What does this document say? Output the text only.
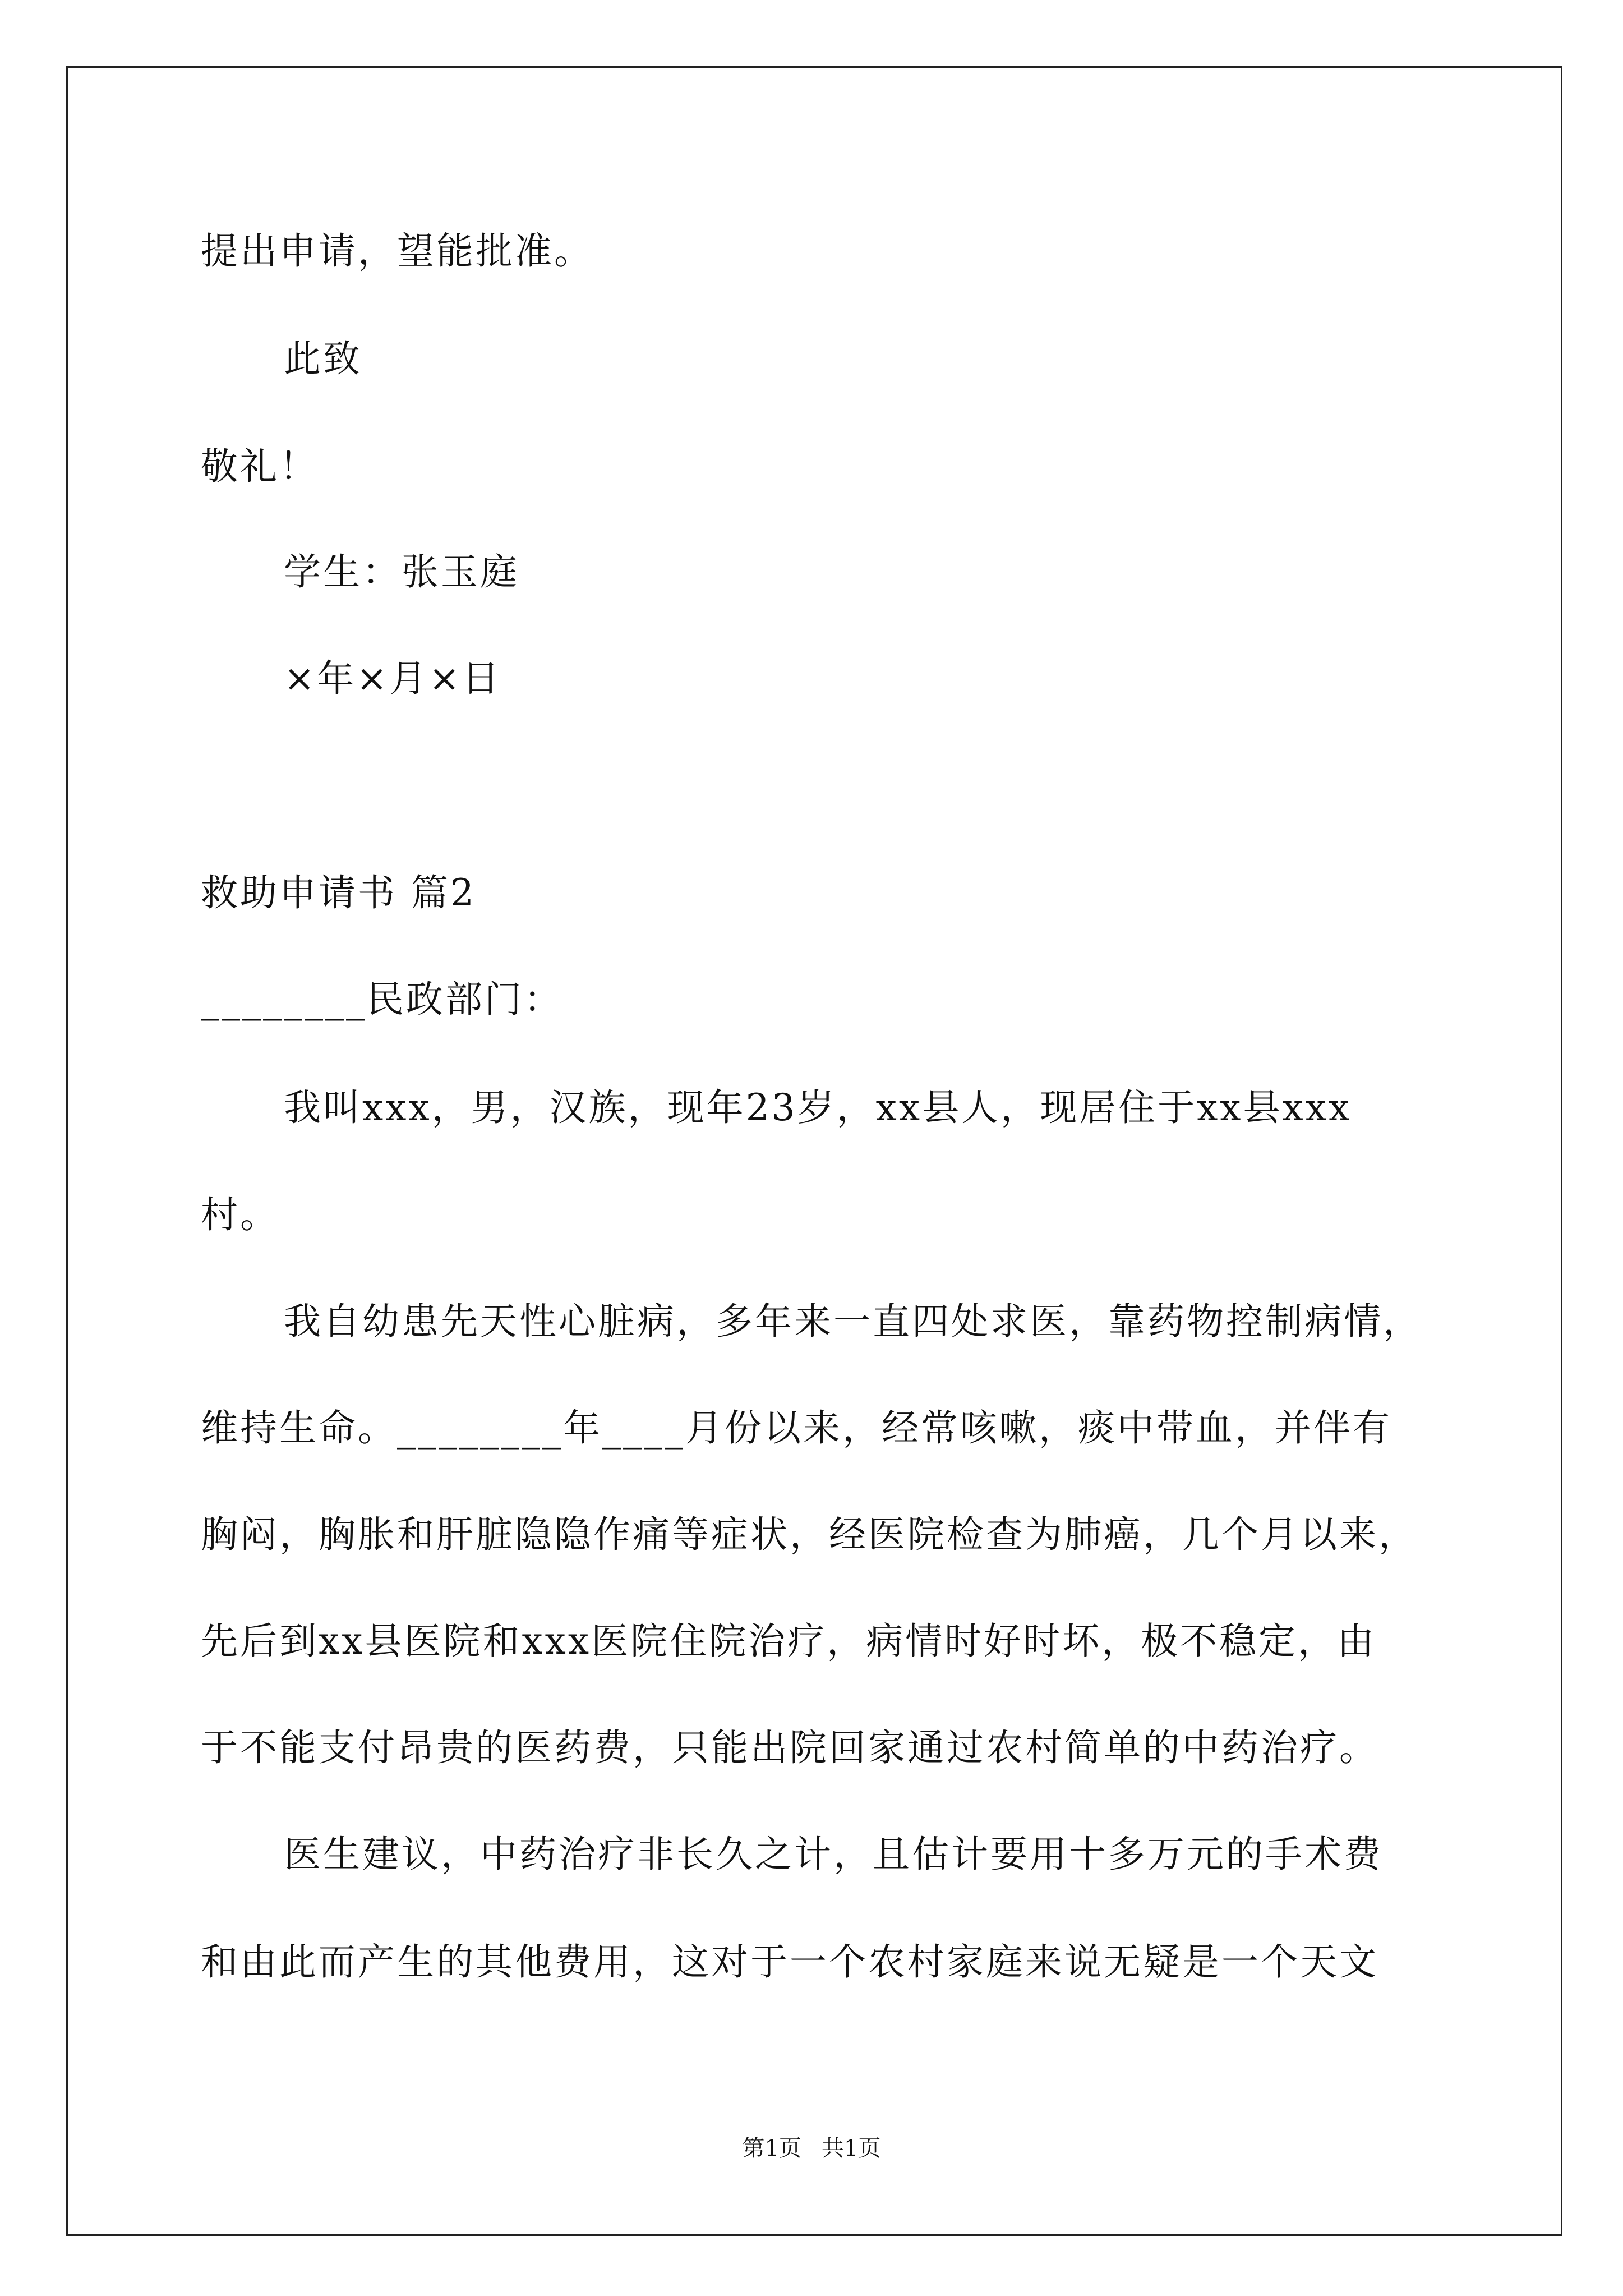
提出申请，望能批准。
此致
敬礼！
学生：张玉庭
×年×月×日
救助申请书 篇2
________民政部门：
我叫xxx，男，汉族，现年23岁，xx县人，现居住于xx县xxx
村。
我自幼患先天性心脏病，多年来一直四处求医，靠药物控制病情，
维持生命。________年____月份以来，经常咳嗽，痰中带血，并伴有
胸闷，胸胀和肝脏隐隐作痛等症状，经医院检查为肺癌，几个月以来，
先后到xx县医院和xxx医院住院治疗，病情时好时坏，极不稳定，由
于不能支付昂贵的医药费，只能出院回家通过农村简单的中药治疗。
医生建议，中药治疗非长久之计，且估计要用十多万元的手术费
和由此而产生的其他费用，这对于一个农村家庭来说无疑是一个天文
第1页 共1页
